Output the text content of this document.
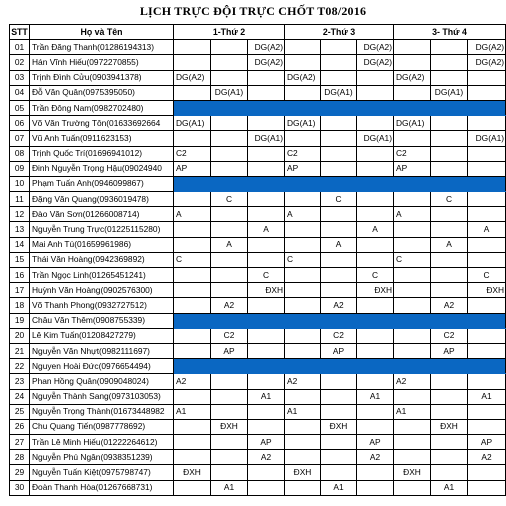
LỊCH TRỰC ĐỘI TRỰC CHỐT T08/2016
STT	Họ và Tên	1-Thứ 2			2-Thứ 3			3- Thứ 4		
01	Trần Đăng Thanh(01286194313)			DG(A2)			DG(A2)			DG(A2)
02	Hán Vĩnh Hiếu(0972270855)			DG(A2)			DG(A2)			DG(A2)
03	Trịnh Đình Cửu(0903941378)	DG(A2)			DG(A2)			DG(A2)		
04	Đỗ Văn Quân(0975395050)		DG(A1)			DG(A1)			DG(A1)	
05	Trần Đông Nam(0982702480)									
06	Võ Văn Trường Tôn(01633692664	DG(A1)			DG(A1)			DG(A1)		
07	Vũ Anh Tuấn(0911623153)			DG(A1)			DG(A1)			DG(A1)
08	Trịnh Quốc Trí(01696941012)	C2			C2			C2		
09	Đinh Nguyễn Trọng Hậu(09024940	AP			AP			AP		
10	Phạm Tuấn Anh(0946099867)									
11	Đặng Văn Quang(0936019478)		C			C			C	
12	Đào Văn Sơn(01266008714)	A			A			A		
13	Nguyễn Trung Trực(01225115280)			A			A			A
14	Mai Anh Tú(01659961986)		A			A			A	
15	Thái Văn Hoàng(0942369892)	C			C			C		
16	Trần Ngọc Linh(01265451241)			C			C			C
17	Huỳnh Văn Hoàng(0902576300)			ĐXH			ĐXH			ĐXH
18	Võ Thanh Phong(0932727512)		A2			A2			A2	
19	Châu Văn Thêm(0908755339)									
20	Lê Kim Tuấn(01208427279)		C2			C2			C2	
21	Nguyễn Văn Nhựt(0982111697)		AP			AP			AP	
22	Nguyen Hoài Đức(0976654494)									
23	Phan Hồng Quân(0909048024)	A2			A2			A2		
24	Nguyễn Thành Sang(0973103053)			A1			A1			A1
25	Nguyễn Trọng Thành(01673448982	A1			A1			A1		
26	Chu Quang Tiến(0987778692)		ĐXH			ĐXH			ĐXH	
27	Trần Lê Minh Hiếu(01222264612)			AP			AP			AP
28	Nguyễn Phú Ngân(0938351239)			A2			A2			A2
29	Nguyễn Tuấn Kiệt(0975798747)	ĐXH			ĐXH			ĐXH		
30	Đoàn Thanh Hòa(01267668731)		A1			A1			A1	
